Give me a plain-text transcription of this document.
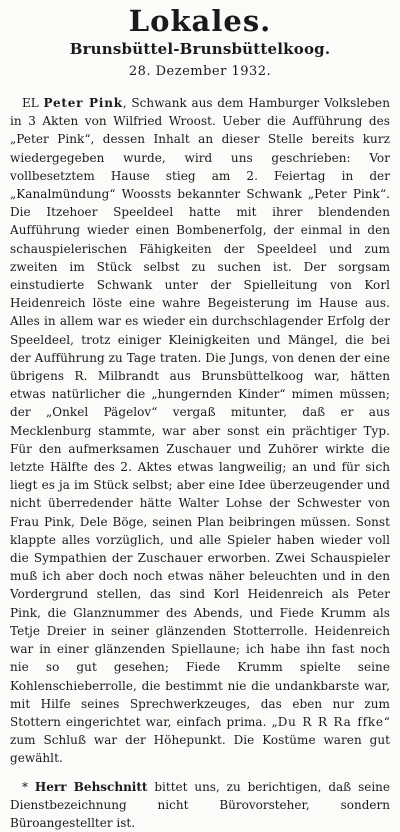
Lokales.
Brunsbüttel-Brunsbüttelkoog.
28. Dezember 1932.
EL Peter Pink, Schwank aus dem Hamburger Volksleben in 3 Akten von Wilfried Wroost. Ueber die Aufführung des „Peter Pink“, dessen Inhalt an dieser Stelle bereits kurz wiedergegeben wurde, wird uns geschrieben: Vor vollbesetztem Hause stieg am 2. Feiertag in der „Kanalmündung“ Woossts bekannter Schwank „Peter Pink“. Die Itzehoer Speeldeel hatte mit ihrer blendenden Aufführung wieder einen Bombenerfolg, der einmal in den schauspielerischen Fähigkeiten der Speeldeel und zum zweiten im Stück selbst zu suchen ist. Der sorgsam einstudierte Schwank unter der Spielleitung von Korl Heidenreich löste eine wahre Begeisterung im Hause aus. Alles in allem war es wieder ein durchschlagender Erfolg der Speeldeel, trotz einiger Kleinigkeiten und Mängel, die bei der Aufführung zu Tage traten. Die Jungs, von denen der eine übrigens R. Milbrandt aus Brunsbüttelkoog war, hätten etwas natürlicher die „hungernden Kinder“ mimen müssen; der „Onkel Pägelov“ vergaß mitunter, daß er aus Mecklenburg stammte, war aber sonst ein prächtiger Typ. Für den aufmerksamen Zuschauer und Zuhörer wirkte die letzte Hälfte des 2. Aktes etwas langweilig; an und für sich liegt es ja im Stück selbst; aber eine Idee überzeugender und nicht überredender hätte Walter Lohse der Schwester von Frau Pink, Dele Böge, seinen Plan beibringen müssen. Sonst klappte alles vorzüglich, und alle Spieler haben wieder voll die Sympathien der Zuschauer erworben. Zwei Schauspieler muß ich aber doch noch etwas näher beleuchten und in den Vordergrund stellen, das sind Korl Heidenreich als Peter Pink, die Glanznummer des Abends, und Fiede Krumm als Tetje Dreier in seiner glänzenden Stotterrolle. Heidenreich war in einer glänzenden Spiellaune; ich habe ihn fast noch nie so gut gesehen; Fiede Krumm spielte seine Kohlenschieberrolle, die bestimmt nie die undankbarste war, mit Hilfe seines Sprechwerkzeuges, das eben nur zum Stottern eingerichtet war, einfach prima. „Du R R Ra ffke“ zum Schluß war der Höhepunkt. Die Kostüme waren gut gewählt.
* Herr Behschnitt bittet uns, zu berichtigen, daß seine Dienstbezeichnung nicht Bürovorsteher, sondern Büroangestellter ist.
